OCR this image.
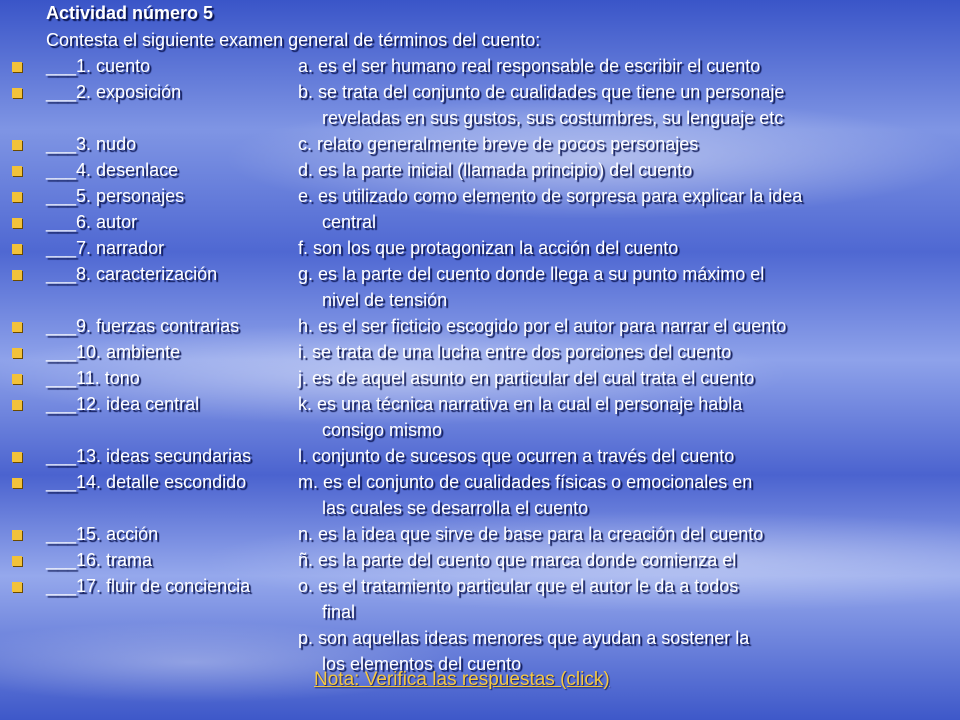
Actividad número 5
Contesta el siguiente examen general de términos del cuento:
___1. cuento	a. es el ser humano real responsable de escribir el cuento
___2. exposición	b. se trata del conjunto de cualidades que tiene un personaje
reveladas en sus gustos, sus costumbres, su lenguaje etc
___3. nudo	c. relato generalmente breve de pocos personajes
___4. desenlace	d. es la parte inicial (llamada principio) del cuento
___5. personajes	e. es utilizado como elemento de sorpresa para explicar la idea
___6. autor	central
___7. narrador	f. son los que protagonizan la acción del cuento
___8. caracterización	g. es la parte del cuento donde llega a su punto máximo el
nivel de tensión
___9. fuerzas contrarias	h. es el ser ficticio escogido por el autor para narrar el cuento
___10. ambiente	i. se trata de una lucha entre dos porciones del cuento
___11. tono	j. es de aquel asunto en particular del cual trata el cuento
___12. idea central	k. es una técnica narrativa en la cual el personaje habla
consigo mismo
___13. ideas secundarias	l. conjunto de sucesos que ocurren a través del cuento
___14. detalle escondido	m. es el conjunto de cualidades físicas o emocionales en
las cuales se desarrolla el cuento
___15. acción	n. es la idea que sirve de base para la creación del cuento
___16. trama	ñ. es la parte del cuento que marca donde comienza el
___17. fluir de conciencia	o. es el tratamiento particular que el autor le da a todos
final
p. son aquellas ideas menores que ayudan a sostener la
los elementos del cuento
Nota: Verifica las respuestas (click)
